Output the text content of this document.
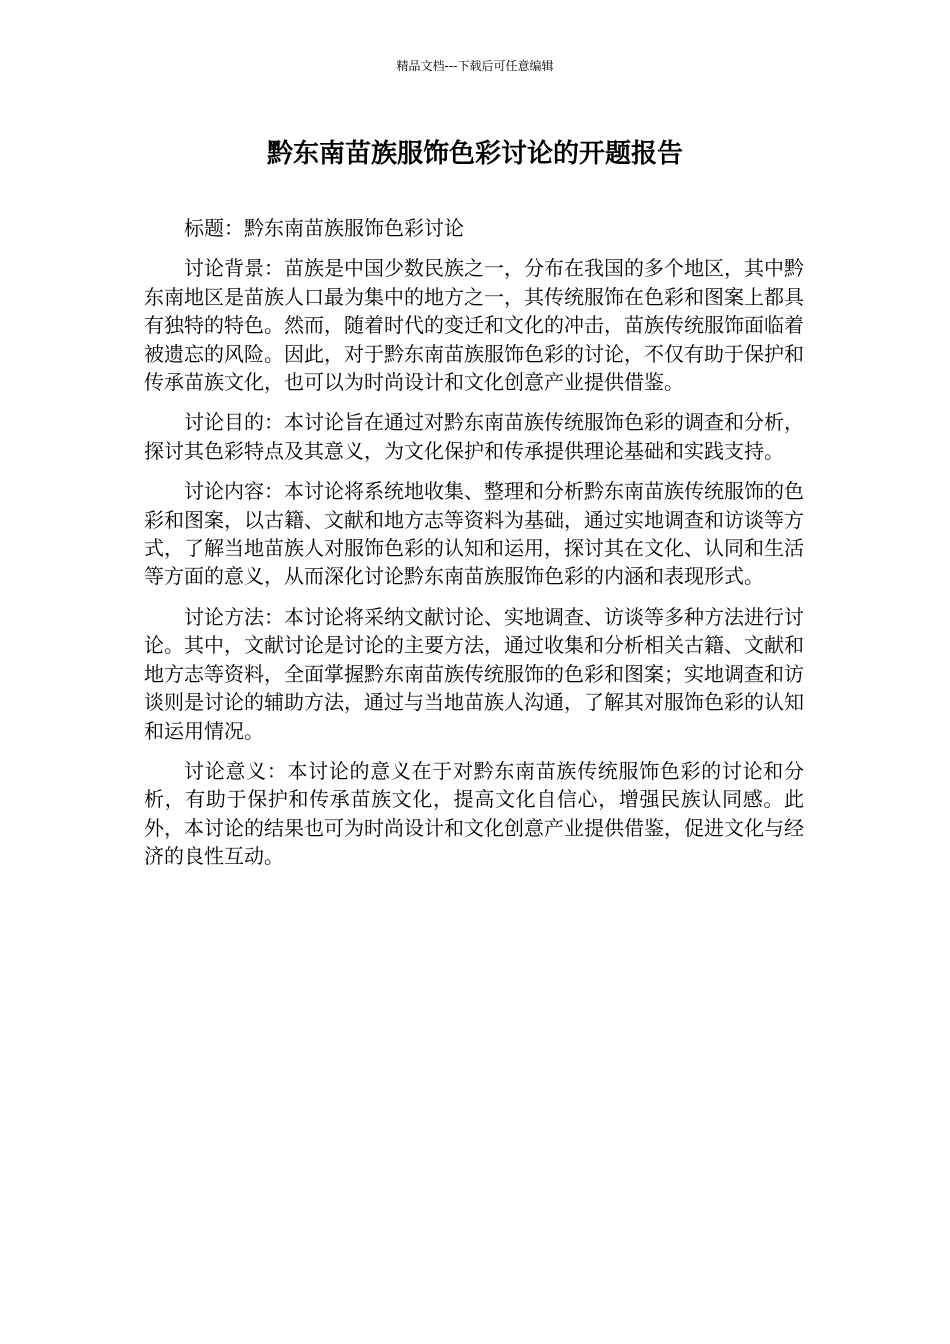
精品文档---下载后可任意编辑
黔东南苗族服饰色彩讨论的开题报告

标题：黔东南苗族服饰色彩讨论

讨论背景：苗族是中国少数民族之一，分布在我国的多个地区，其中黔东南地区是苗族人口最为集中的地方之一，其传统服饰在色彩和图案上都具有独特的特色。然而，随着时代的变迁和文化的冲击，苗族传统服饰面临着被遗忘的风险。因此，对于黔东南苗族服饰色彩的讨论，不仅有助于保护和传承苗族文化，也可以为时尚设计和文化创意产业提供借鉴。

讨论目的：本讨论旨在通过对黔东南苗族传统服饰色彩的调查和分析，探讨其色彩特点及其意义，为文化保护和传承提供理论基础和实践支持。

讨论内容：本讨论将系统地收集、整理和分析黔东南苗族传统服饰的色彩和图案，以古籍、文献和地方志等资料为基础，通过实地调查和访谈等方式，了解当地苗族人对服饰色彩的认知和运用，探讨其在文化、认同和生活等方面的意义，从而深化讨论黔东南苗族服饰色彩的内涵和表现形式。

讨论方法：本讨论将采纳文献讨论、实地调查、访谈等多种方法进行讨论。其中，文献讨论是讨论的主要方法，通过收集和分析相关古籍、文献和地方志等资料，全面掌握黔东南苗族传统服饰的色彩和图案；实地调查和访谈则是讨论的辅助方法，通过与当地苗族人沟通，了解其对服饰色彩的认知和运用情况。

讨论意义：本讨论的意义在于对黔东南苗族传统服饰色彩的讨论和分析，有助于保护和传承苗族文化，提高文化自信心，增强民族认同感。此外，本讨论的结果也可为时尚设计和文化创意产业提供借鉴，促进文化与经济的良性互动。
